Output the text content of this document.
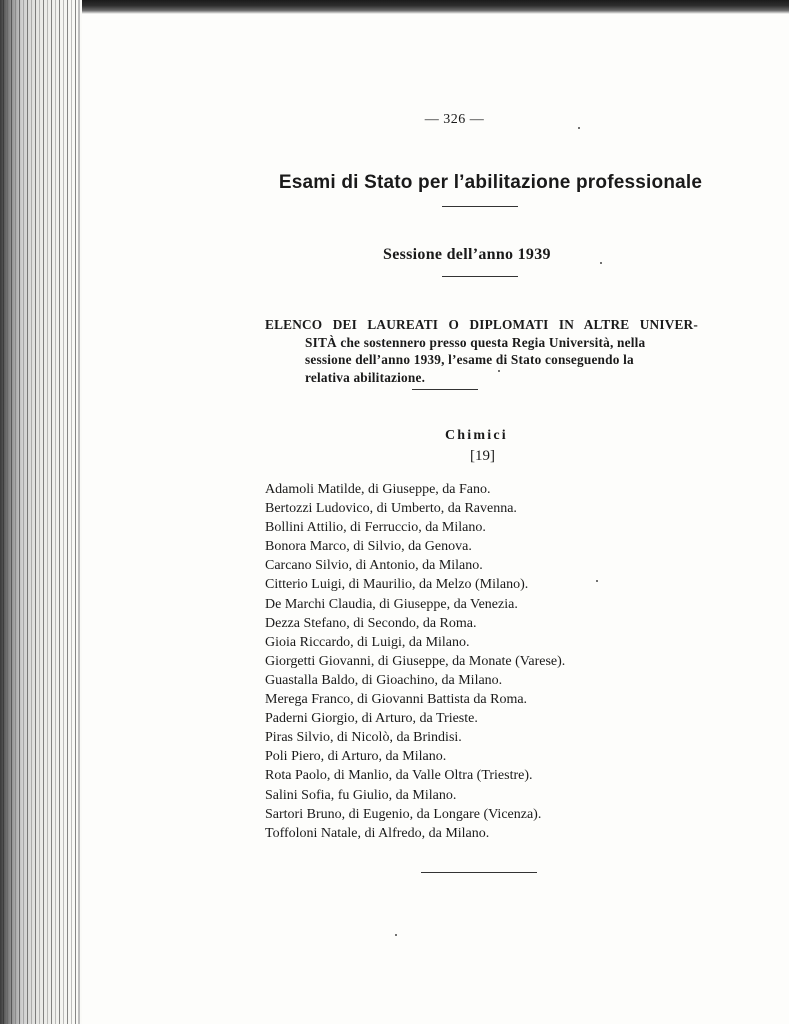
— 326 —
Esami di Stato per l’abilitazione professionale
Sessione dell’anno 1939
ELENCO DEI LAUREATI O DIPLOMATI IN ALTRE UNIVER-
SITÀ che sostennero presso questa Regia Università, nella
sessione dell’anno 1939, l’esame di Stato conseguendo la
relativa abilitazione.
Chimici
[19]
Adamoli Matilde, di Giuseppe, da Fano.
Bertozzi Ludovico, di Umberto, da Ravenna.
Bollini Attilio, di Ferruccio, da Milano.
Bonora Marco, di Silvio, da Genova.
Carcano Silvio, di Antonio, da Milano.
Citterio Luigi, di Maurilio, da Melzo (Milano).
De Marchi Claudia, di Giuseppe, da Venezia.
Dezza Stefano, di Secondo, da Roma.
Gioia Riccardo, di Luigi, da Milano.
Giorgetti Giovanni, di Giuseppe, da Monate (Varese).
Guastalla Baldo, di Gioachino, da Milano.
Merega Franco, di Giovanni Battista da Roma.
Paderni Giorgio, di Arturo, da Trieste.
Piras Silvio, di Nicolò, da Brindisi.
Poli Piero, di Arturo, da Milano.
Rota Paolo, di Manlio, da Valle Oltra (Triestre).
Salini Sofia, fu Giulio, da Milano.
Sartori Bruno, di Eugenio, da Longare (Vicenza).
Toffoloni Natale, di Alfredo, da Milano.
